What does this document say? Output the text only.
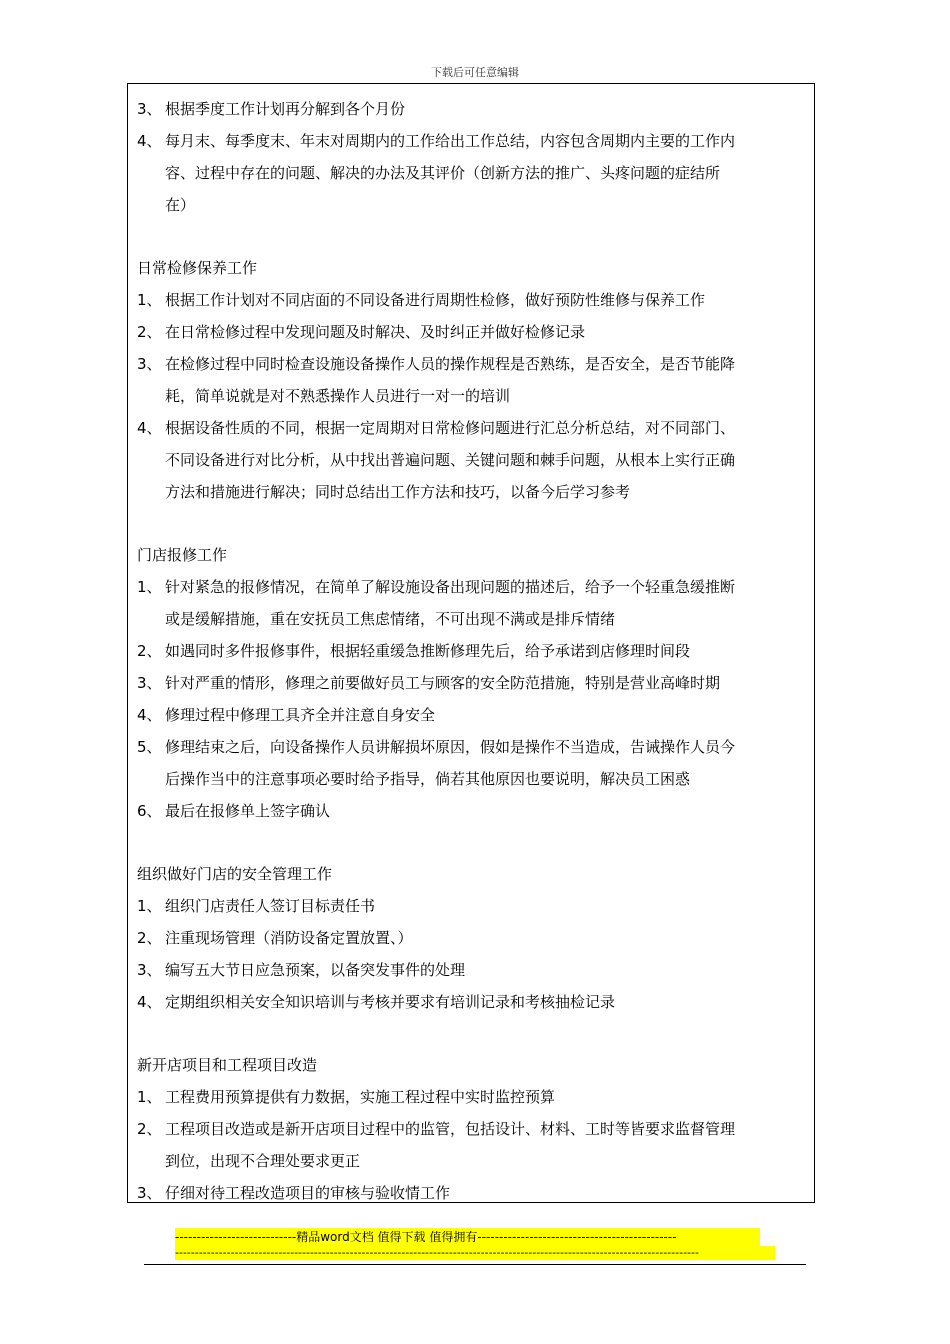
下载后可任意编辑
3、 根据季度工作计划再分解到各个月份
4、 每月末、每季度末、年末对周期内的工作给出工作总结，内容包含周期内主要的工作内
容、过程中存在的问题、解决的办法及其评价（创新方法的推广、头疼问题的症结所
在）
日常检修保养工作
1、 根据工作计划对不同店面的不同设备进行周期性检修，做好预防性维修与保养工作
2、 在日常检修过程中发现问题及时解决、及时纠正并做好检修记录
3、 在检修过程中同时检查设施设备操作人员的操作规程是否熟练，是否安全，是否节能降
耗，简单说就是对不熟悉操作人员进行一对一的培训
4、 根据设备性质的不同，根据一定周期对日常检修问题进行汇总分析总结，对不同部门、
不同设备进行对比分析，从中找出普遍问题、关键问题和棘手问题，从根本上实行正确
方法和措施进行解决；同时总结出工作方法和技巧，以备今后学习参考
门店报修工作
1、 针对紧急的报修情况，在简单了解设施设备出现问题的描述后，给予一个轻重急缓推断
或是缓解措施，重在安抚员工焦虑情绪，不可出现不满或是排斥情绪
2、 如遇同时多件报修事件，根据轻重缓急推断修理先后，给予承诺到店修理时间段
3、 针对严重的情形，修理之前要做好员工与顾客的安全防范措施，特别是营业高峰时期
4、 修理过程中修理工具齐全并注意自身安全
5、 修理结束之后，向设备操作人员讲解损坏原因，假如是操作不当造成，告诫操作人员今
后操作当中的注意事项必要时给予指导，倘若其他原因也要说明，解决员工困惑
6、 最后在报修单上签字确认
组织做好门店的安全管理工作
1、 组织门店责任人签订目标责任书
2、 注重现场管理（消防设备定置放置、）
3、 编写五大节日应急预案，以备突发事件的处理
4、 定期组织相关安全知识培训与考核并要求有培训记录和考核抽检记录
新开店项目和工程项目改造
1、 工程费用预算提供有力数据，实施工程过程中实时监控预算
2、 工程项目改造或是新开店项目过程中的监管，包括设计、材料、工时等皆要求监督管理
到位，出现不合理处要求更正
3、 仔细对待工程改造项目的审核与验收情工作
----------------------------精品word文档 值得下载 值得拥有----------------------------------------------
------------------------------------------------------------------------------------------------------------------------------------
